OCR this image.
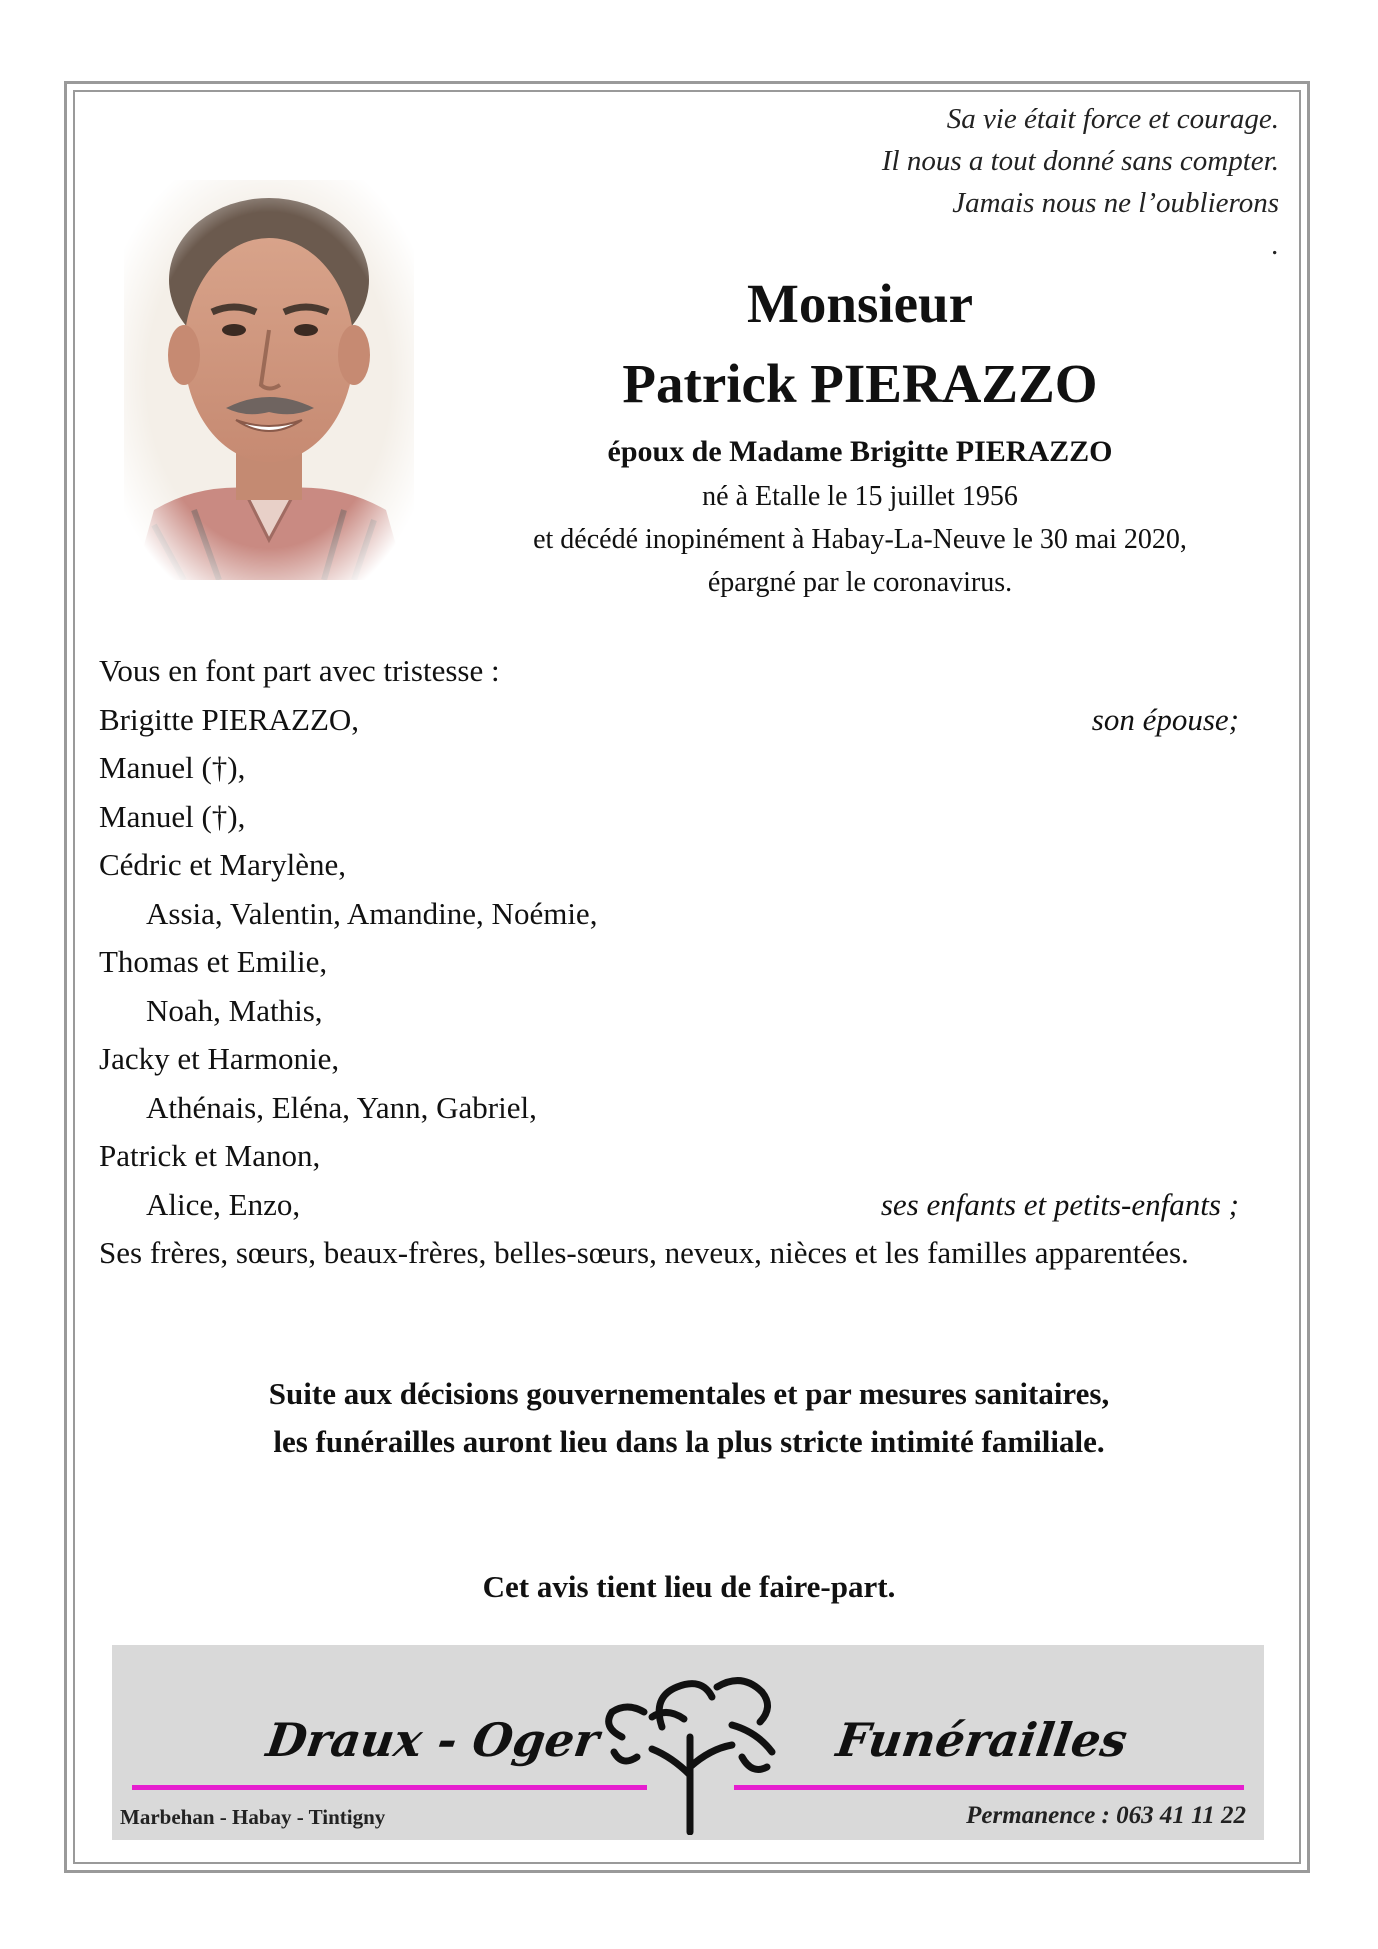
Sa vie était force et courage.
Il nous a tout donné sans compter.
Jamais nous ne l’oublierons
.
Monsieur
Patrick PIERAZZO
époux de Madame Brigitte PIERAZZO
né à Etalle le 15 juillet 1956
et décédé inopinément à Habay-La-Neuve le 30 mai 2020,
épargné par le coronavirus.
Vous en font part avec tristesse :
Brigitte PIERAZZO,	son épouse;
Manuel (†),
Manuel (†),
Cédric et Marylène,
Assia, Valentin, Amandine, Noémie,
Thomas et Emilie,
Noah, Mathis,
Jacky et Harmonie,
Athénais, Eléna, Yann, Gabriel,
Patrick et Manon,
Alice, Enzo,	ses enfants et petits-enfants ;
Ses frères, sœurs, beaux-frères, belles-sœurs, neveux, nièces et les familles apparentées.
Suite aux décisions gouvernementales et par mesures sanitaires,
les funérailles auront lieu dans la plus stricte intimité familiale.
Cet avis tient lieu de faire-part.
Draux - Oger	Funérailles
Marbehan - Habay - Tintigny	Permanence : 063 41 11 22
